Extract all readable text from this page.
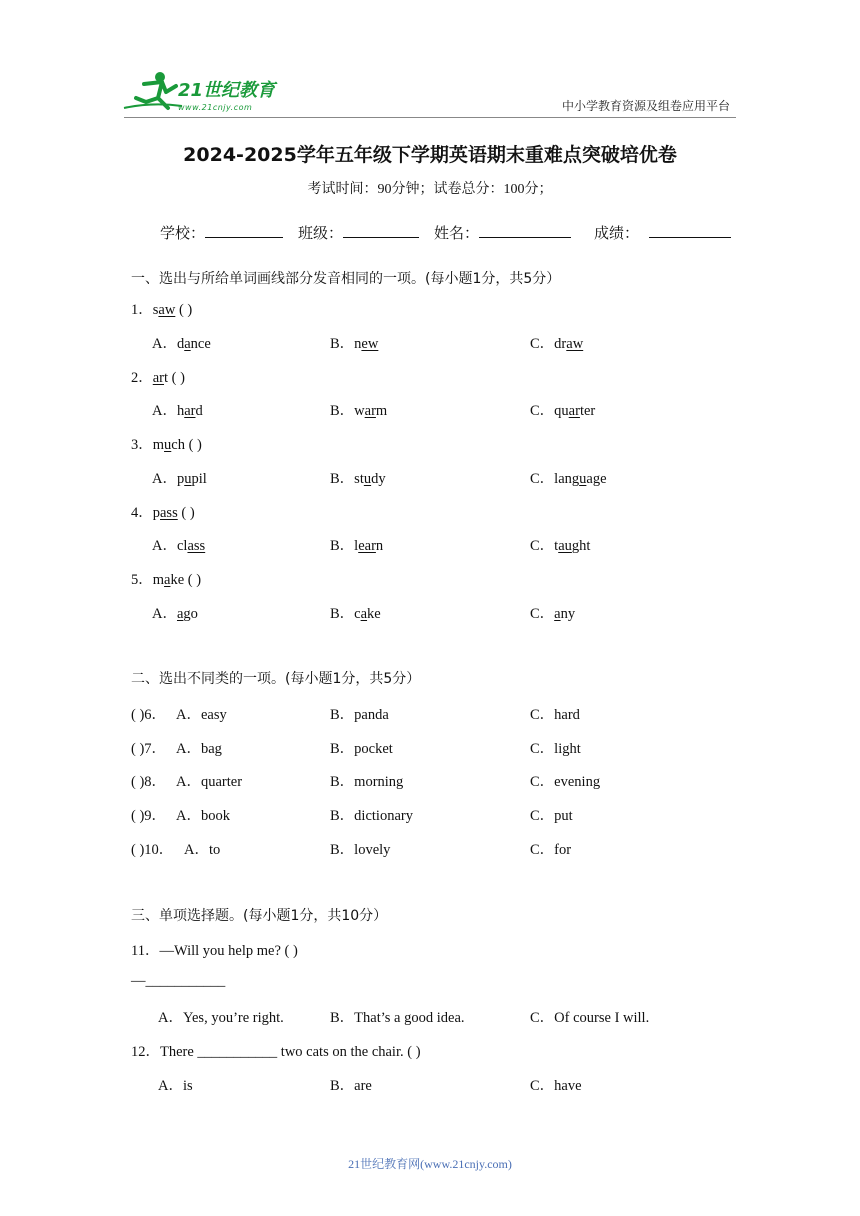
21世纪教育
www.21cnjy.com	中小学教育资源及组卷应用平台
2024-2025学年五年级下学期英语期末重难点突破培优卷
考试时间：90分钟；试卷总分：100分；
学校：	班级：	姓名：	成绩：
一、选出与所给单词画线部分发音相同的一项。(每小题1分，共5分）
1．saw ( )
A．dance	B．new	C．draw
2．art ( )
A．hard	B．warm	C．quarter
3．much ( )
A．pupil	B．study	C．language
4．pass ( )
A．class	B．learn	C．taught
5．make ( )
A．ago	B．cake	C．any
二、选出不同类的一项。(每小题1分，共5分）
( )6． A．easy	B．panda	C．hard
( )7． A．bag	B．pocket	C．light
( )8． A．quarter	B．morning	C．evening
( )9． A．book	B．dictionary	C．put
( )10． A．to	B．lovely	C．for
三、单项选择题。(每小题1分，共10分）
11．—Will you help me? ( )
—___________
A．Yes, you’re right.	B．That’s a good idea.	C．Of course I will.
12．There ___________ two cats on the chair. ( )
A．is	B．are	C．have
21世纪教育网(www.21cnjy.com)
